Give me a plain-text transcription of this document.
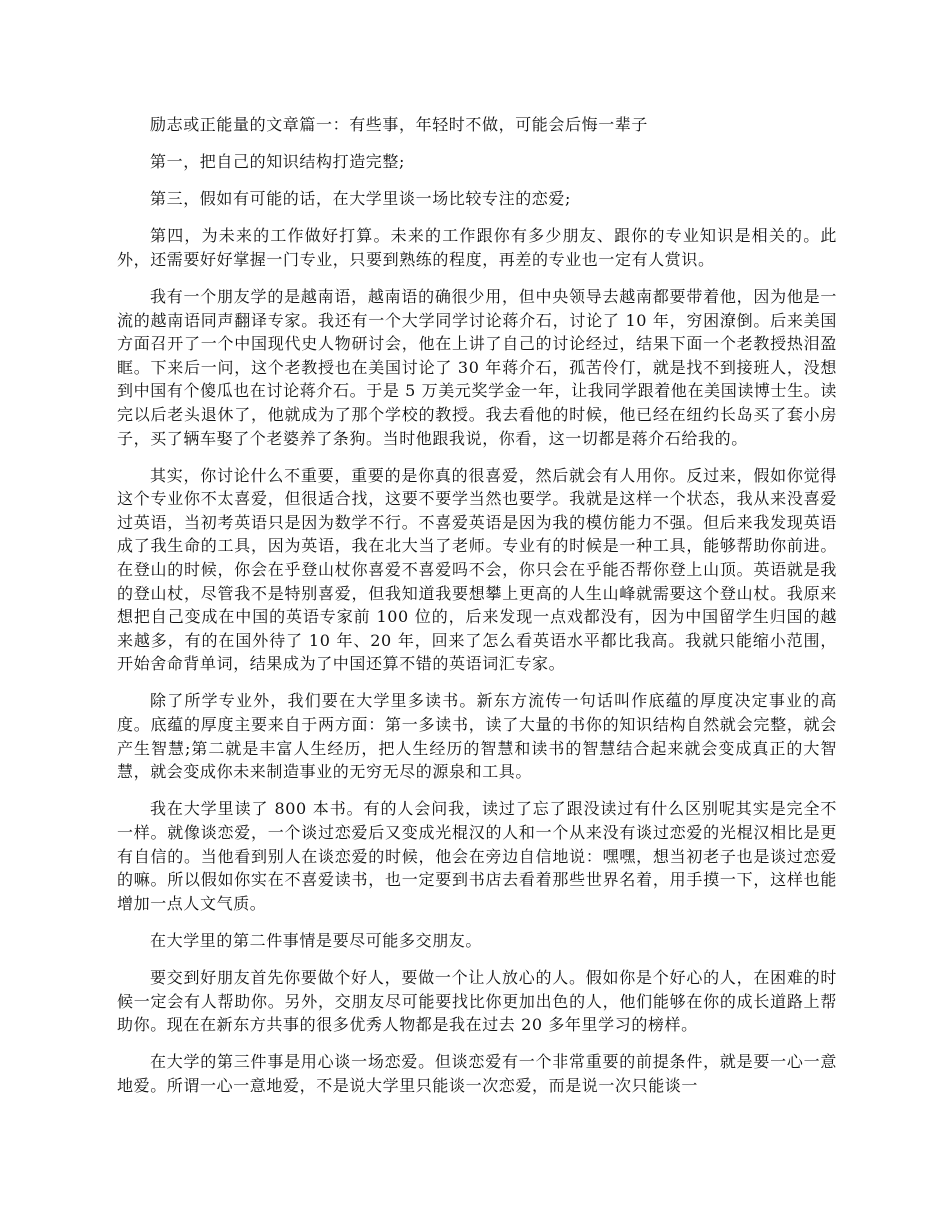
励志或正能量的文章篇一：有些事，年轻时不做，可能会后悔一辈子

第一，把自己的知识结构打造完整;

第三，假如有可能的话，在大学里谈一场比较专注的恋爱;

第四，为未来的工作做好打算。未来的工作跟你有多少朋友、跟你的专业知识是相关的。此外，还需要好好掌握一门专业，只要到熟练的程度，再差的专业也一定有人赏识。

我有一个朋友学的是越南语，越南语的确很少用，但中央领导去越南都要带着他，因为他是一流的越南语同声翻译专家。我还有一个大学同学讨论蒋介石，讨论了 10 年，穷困潦倒。后来美国方面召开了一个中国现代史人物研讨会，他在上讲了自己的讨论经过，结果下面一个老教授热泪盈眶。下来后一问，这个老教授也在美国讨论了 30 年蒋介石，孤苦伶仃，就是找不到接班人，没想到中国有个傻瓜也在讨论蒋介石。于是 5 万美元奖学金一年，让我同学跟着他在美国读博士生。读完以后老头退休了，他就成为了那个学校的教授。我去看他的时候，他已经在纽约长岛买了套小房子，买了辆车娶了个老婆养了条狗。当时他跟我说，你看，这一切都是蒋介石给我的。

其实，你讨论什么不重要，重要的是你真的很喜爱，然后就会有人用你。反过来，假如你觉得这个专业你不太喜爱，但很适合找，这要不要学当然也要学。我就是这样一个状态，我从来没喜爱过英语，当初考英语只是因为数学不行。不喜爱英语是因为我的模仿能力不强。但后来我发现英语成了我生命的工具，因为英语，我在北大当了老师。专业有的时候是一种工具，能够帮助你前进。在登山的时候，你会在乎登山杖你喜爱不喜爱吗不会，你只会在乎能否帮你登上山顶。英语就是我的登山杖，尽管我不是特别喜爱，但我知道我要想攀上更高的人生山峰就需要这个登山杖。我原来想把自己变成在中国的英语专家前 100 位的，后来发现一点戏都没有，因为中国留学生归国的越来越多，有的在国外待了 10 年、20 年，回来了怎么看英语水平都比我高。我就只能缩小范围，开始舍命背单词，结果成为了中国还算不错的英语词汇专家。

除了所学专业外，我们要在大学里多读书。新东方流传一句话叫作底蕴的厚度决定事业的高度。底蕴的厚度主要来自于两方面：第一多读书，读了大量的书你的知识结构自然就会完整，就会产生智慧;第二就是丰富人生经历，把人生经历的智慧和读书的智慧结合起来就会变成真正的大智慧，就会变成你未来制造事业的无穷无尽的源泉和工具。

我在大学里读了 800 本书。有的人会问我，读过了忘了跟没读过有什么区别呢其实是完全不一样。就像谈恋爱，一个谈过恋爱后又变成光棍汉的人和一个从来没有谈过恋爱的光棍汉相比是更有自信的。当他看到别人在谈恋爱的时候，他会在旁边自信地说：嘿嘿，想当初老子也是谈过恋爱的嘛。所以假如你实在不喜爱读书，也一定要到书店去看着那些世界名着，用手摸一下，这样也能增加一点人文气质。

在大学里的第二件事情是要尽可能多交朋友。

要交到好朋友首先你要做个好人，要做一个让人放心的人。假如你是个好心的人，在困难的时候一定会有人帮助你。另外，交朋友尽可能要找比你更加出色的人，他们能够在你的成长道路上帮助你。现在在新东方共事的很多优秀人物都是我在过去 20 多年里学习的榜样。

在大学的第三件事是用心谈一场恋爱。但谈恋爱有一个非常重要的前提条件，就是要一心一意地爱。所谓一心一意地爱，不是说大学里只能谈一次恋爱，而是说一次只能谈一
